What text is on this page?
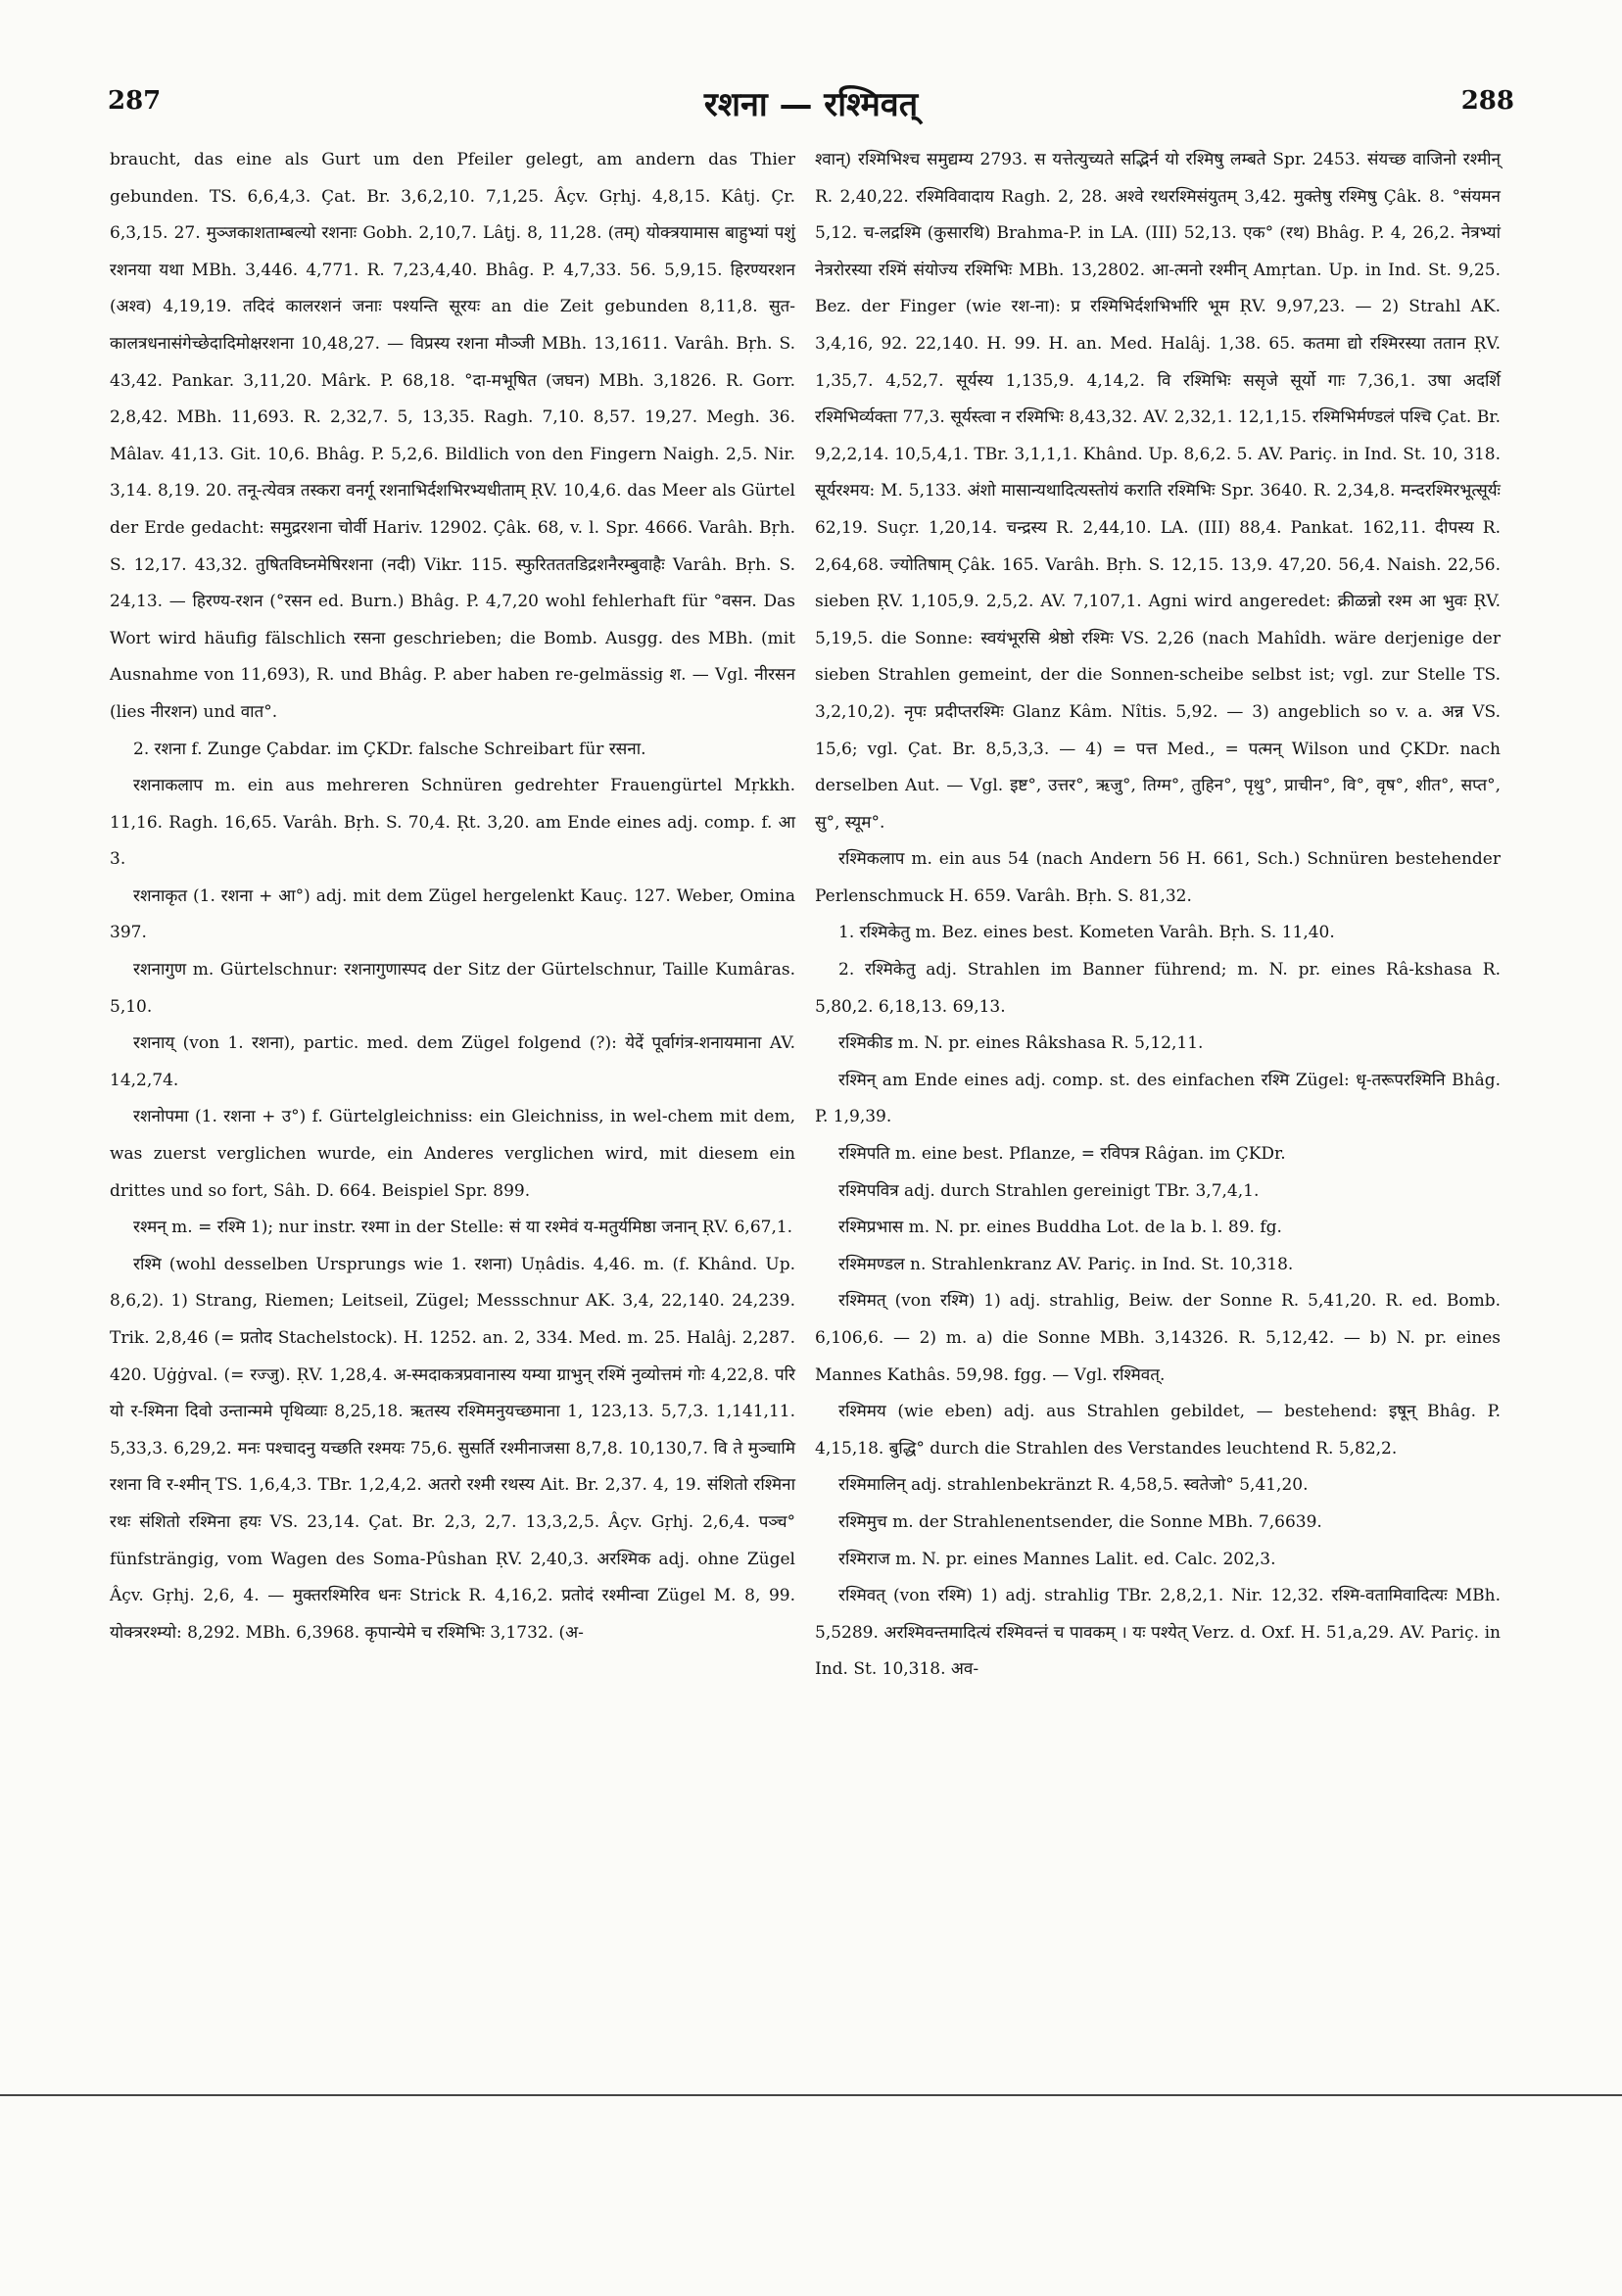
287	रशना — रश्मिवत्	288

braucht, das eine als Gurt um den Pfeiler gelegt, am andern das Thier gebunden. TS. 6,6,4,3. Çat. Br. 3,6,2,10. 7,1,25. Âçv. Gṛhj. 4,8,15. Kâtj. Çr. 6,3,15. 27. मुञ्जकाशताम्बल्यो रशनाः Gobh. 2,10,7. Lâṭj. 8, 11,28. (तम्) योक्त्रयामास बाहुभ्यां पशुं रशनया यथा MBh. 3,446. 4,771. R. 7,23,4,40. Bhâg. P. 4,7,33. 56. 5,9,15. हिरण्यरशन (अश्व) 4,19,19. तदिदं कालरशनं जनाः पश्यन्ति सूरयः an die Zeit gebunden 8,11,8. सुत-कालत्रधनासंगेच्छेदादिमोक्षरशना 10,48,27. — विप्रस्य रशना मौञ्जी MBh. 13,1611. Varâh. Bṛh. S. 43,42. Pankar. 3,11,20. Mârk. P. 68,18. °दा-मभूषित (जघन) MBh. 3,1826. R. Gorr. 2,8,42. MBh. 11,693. R. 2,32,7. 5, 13,35. Ragh. 7,10. 8,57. 19,27. Megh. 36. Mâlav. 41,13. Git. 10,6. Bhâg. P. 5,2,6. Bildlich von den Fingern Naigh. 2,5. Nir. 3,14. 8,19. 20. तनू-त्येवत्र तस्करा वनर्गू रशनाभिर्दशभिरभ्यधीताम् ṚV. 10,4,6. das Meer als Gürtel der Erde gedacht: समुद्ररशना चोर्वी Hariv. 12902. Çâk. 68, v. l. Spr. 4666. Varâh. Bṛh. S. 12,17. 43,32. तुषितविघ्नमेषिरशना (नदी) Vikr. 115. स्फुरितततडिद्रशनैरम्बुवाहैः Varâh. Bṛh. S. 24,13. — हिरण्य-रशन (°रसन ed. Burn.) Bhâg. P. 4,7,20 wohl fehlerhaft für °वसन. Das Wort wird häufig fälschlich रसना geschrieben; die Bomb. Ausgg. des MBh. (mit Ausnahme von 11,693), R. und Bhâg. P. aber haben re-gelmässig श. — Vgl. नीरसन (lies नीरशन) und वात°.

2. रशना f. Zunge Çabdar. im ÇKDr. falsche Schreibart für रसना.

रशनाकलाप m. ein aus mehreren Schnüren gedrehter Frauengürtel Mṛkkh. 11,16. Ragh. 16,65. Varâh. Bṛh. S. 70,4. Ṛt. 3,20. am Ende eines adj. comp. f. आ 3.

रशनाकृत (1. रशना + आ°) adj. mit dem Zügel hergelenkt Kauç. 127. Weber, Omina 397.

रशनागुण m. Gürtelschnur: रशनागुणास्पद der Sitz der Gürtelschnur, Taille Kumâras. 5,10.

रशनाय् (von 1. रशना), partic. med. dem Zügel folgend (?): येदें पूर्वागंत्र-शनायमाना AV. 14,2,74.

रशनोपमा (1. रशना + उ°) f. Gürtelgleichniss: ein Gleichniss, in wel-chem mit dem, was zuerst verglichen wurde, ein Anderes verglichen wird, mit diesem ein drittes und so fort, Sâh. D. 664. Beispiel Spr. 899.

रश्मन् m. = रश्मि 1); nur instr. रश्मा in der Stelle: सं या रश्मेवं य-मतुर्यमिष्ठा जनान् ṚV. 6,67,1.

रश्मि (wohl desselben Ursprungs wie 1. रशना) Uṇâdis. 4,46. m. (f. Khând. Up. 8,6,2). 1) Strang, Riemen; Leitseil, Zügel; Messschnur AK. 3,4, 22,140. 24,239. Trik. 2,8,46 (= प्रतोद Stachelstock). H. 1252. an. 2, 334. Med. m. 25. Halâj. 2,287. 420. Uġġval. (= रज्जु). ṚV. 1,28,4. अ-स्मदाकत्रप्रवानास्य यम्या ग्राभुन् रश्मिं नुव्योत्तमं गोः 4,22,8. परि यो र-श्मिना दिवो उन्तान्ममे पृथिव्याः 8,25,18. ऋतस्य रश्मिमनुयच्छमाना 1, 123,13. 5,7,3. 1,141,11. 5,33,3. 6,29,2. मनः पश्चादनु यच्छति रश्मयः 75,6. सुसर्ति रश्मीनाजसा 8,7,8. 10,130,7. वि ते मुञ्चामि रशना वि र-श्मीन् TS. 1,6,4,3. TBr. 1,2,4,2. अतरो रश्मी रथस्य Ait. Br. 2,37. 4, 19. संशितो रश्मिना रथः संशितो रश्मिना हयः VS. 23,14. Çat. Br. 2,3, 2,7. 13,3,2,5. Âçv. Gṛhj. 2,6,4. पञ्च° fünfsträngig, vom Wagen des Soma-Pûshan ṚV. 2,40,3. अरश्मिक adj. ohne Zügel Âçv. Gṛhj. 2,6, 4. — मुक्तरश्मिरिव धनः Strick R. 4,16,2. प्रतोदं रश्मीन्वा Zügel M. 8, 99. योक्त्ररश्म्यो: 8,292. MBh. 6,3968. कृपान्येमे च रश्मिभिः 3,1732. (अ-

श्वान्) रश्मिभिश्च समुद्यम्य 2793. स यत्तेत्युच्यते सद्भिर्न यो रश्मिषु लम्बते Spr. 2453. संयच्छ वाजिनो रश्मीन् R. 2,40,22. रश्मिविवादाय Ragh. 2, 28. अश्वे रथरश्मिसंयुतम् 3,42. मुक्तेषु रश्मिषु Çâk. 8. °संयमन 5,12. च-लद्रश्मि (कुसारथि) Brahma-P. in LA. (III) 52,13. एक° (रथ) Bhâg. P. 4, 26,2. नेत्रभ्यां नेत्ररोरस्या रश्मिं संयोज्य रश्मिभिः MBh. 13,2802. आ-त्मनो रश्मीन् Amṛtan. Up. in Ind. St. 9,25. Bez. der Finger (wie रश-ना): प्र रश्मिभिर्दशभिर्भारि भूम ṚV. 9,97,23. — 2) Strahl AK. 3,4,16, 92. 22,140. H. 99. H. an. Med. Halâj. 1,38. 65. कतमा द्यो रश्मिरस्या ततान ṚV. 1,35,7. 4,52,7. सूर्यस्य 1,135,9. 4,14,2. वि रश्मिभिः ससृजे सूर्यो गाः 7,36,1. उषा अदर्शि रश्मिभिर्व्यक्ता 77,3. सूर्यस्त्वा न रश्मिभिः 8,43,32. AV. 2,32,1. 12,1,15. रश्मिभिर्मण्डलं पश्चि Çat. Br. 9,2,2,14. 10,5,4,1. TBr. 3,1,1,1. Khând. Up. 8,6,2. 5. AV. Pariç. in Ind. St. 10, 318. सूर्यरश्मय: M. 5,133. अंशो मासान्यथादित्यस्तोयं कराति रश्मिभिः Spr. 3640. R. 2,34,8. मन्दरश्मिरभूत्सूर्यः 62,19. Suçr. 1,20,14. चन्द्रस्य R. 2,44,10. LA. (III) 88,4. Pankat. 162,11. दीपस्य R. 2,64,68. ज्योतिषाम् Çâk. 165. Varâh. Bṛh. S. 12,15. 13,9. 47,20. 56,4. Naish. 22,56. sieben ṚV. 1,105,9. 2,5,2. AV. 7,107,1. Agni wird angeredet: क्रीळन्नो रश्म आ भुवः ṚV. 5,19,5. die Sonne: स्वयंभूरसि श्रेष्ठो रश्मिः VS. 2,26 (nach Mahîdh. wäre derjenige der sieben Strahlen gemeint, der die Sonnen-scheibe selbst ist; vgl. zur Stelle TS. 3,2,10,2). नृपः प्रदीप्तरश्मिः Glanz Kâm. Nîtis. 5,92. — 3) angeblich so v. a. अन्न VS. 15,6; vgl. Çat. Br. 8,5,3,3. — 4) = पत्त Med., = पत्मन् Wilson und ÇKDr. nach derselben Aut. — Vgl. इष्ट°, उत्तर°, ऋजु°, तिग्म°, तुहिन°, पृथु°, प्राचीन°, वि°, वृष°, शीत°, सप्त°, सु°, स्यूम°.

रश्मिकलाप m. ein aus 54 (nach Andern 56 H. 661, Sch.) Schnüren bestehender Perlenschmuck H. 659. Varâh. Bṛh. S. 81,32.

1. रश्मिकेतु m. Bez. eines best. Kometen Varâh. Bṛh. S. 11,40.

2. रश्मिकेतु adj. Strahlen im Banner führend; m. N. pr. eines Râ-kshasa R. 5,80,2. 6,18,13. 69,13.

रश्मिकीड m. N. pr. eines Râkshasa R. 5,12,11.

रश्मिन् am Ende eines adj. comp. st. des einfachen रश्मि Zügel: धृ-तरूपरश्मिनि Bhâg. P. 1,9,39.

रश्मिपति m. eine best. Pflanze, = रविपत्र Râġan. im ÇKDr.

रश्मिपवित्र adj. durch Strahlen gereinigt TBr. 3,7,4,1.

रश्मिप्रभास m. N. pr. eines Buddha Lot. de la b. l. 89. fg.

रश्मिमण्डल n. Strahlenkranz AV. Pariç. in Ind. St. 10,318.

रश्मिमत् (von रश्मि) 1) adj. strahlig, Beiw. der Sonne R. 5,41,20. R. ed. Bomb. 6,106,6. — 2) m. a) die Sonne MBh. 3,14326. R. 5,12,42. — b) N. pr. eines Mannes Kathâs. 59,98. fgg. — Vgl. रश्मिवत्.

रश्मिमय (wie eben) adj. aus Strahlen gebildet, — bestehend: इषून् Bhâg. P. 4,15,18. बुद्धि° durch die Strahlen des Verstandes leuchtend R. 5,82,2.

रश्मिमालिन् adj. strahlenbekränzt R. 4,58,5. स्वतेजो° 5,41,20.

रश्मिमुच m. der Strahlenentsender, die Sonne MBh. 7,6639.

रश्मिराज m. N. pr. eines Mannes Lalit. ed. Calc. 202,3.

रश्मिवत् (von रश्मि) 1) adj. strahlig TBr. 2,8,2,1. Nir. 12,32. रश्मि-वतामिवादित्यः MBh. 5,5289. अरश्मिवन्तमादित्यं रश्मिवन्तं च पावकम् । यः पश्येत् Verz. d. Oxf. H. 51,a,29. AV. Pariç. in Ind. St. 10,318. अव-
